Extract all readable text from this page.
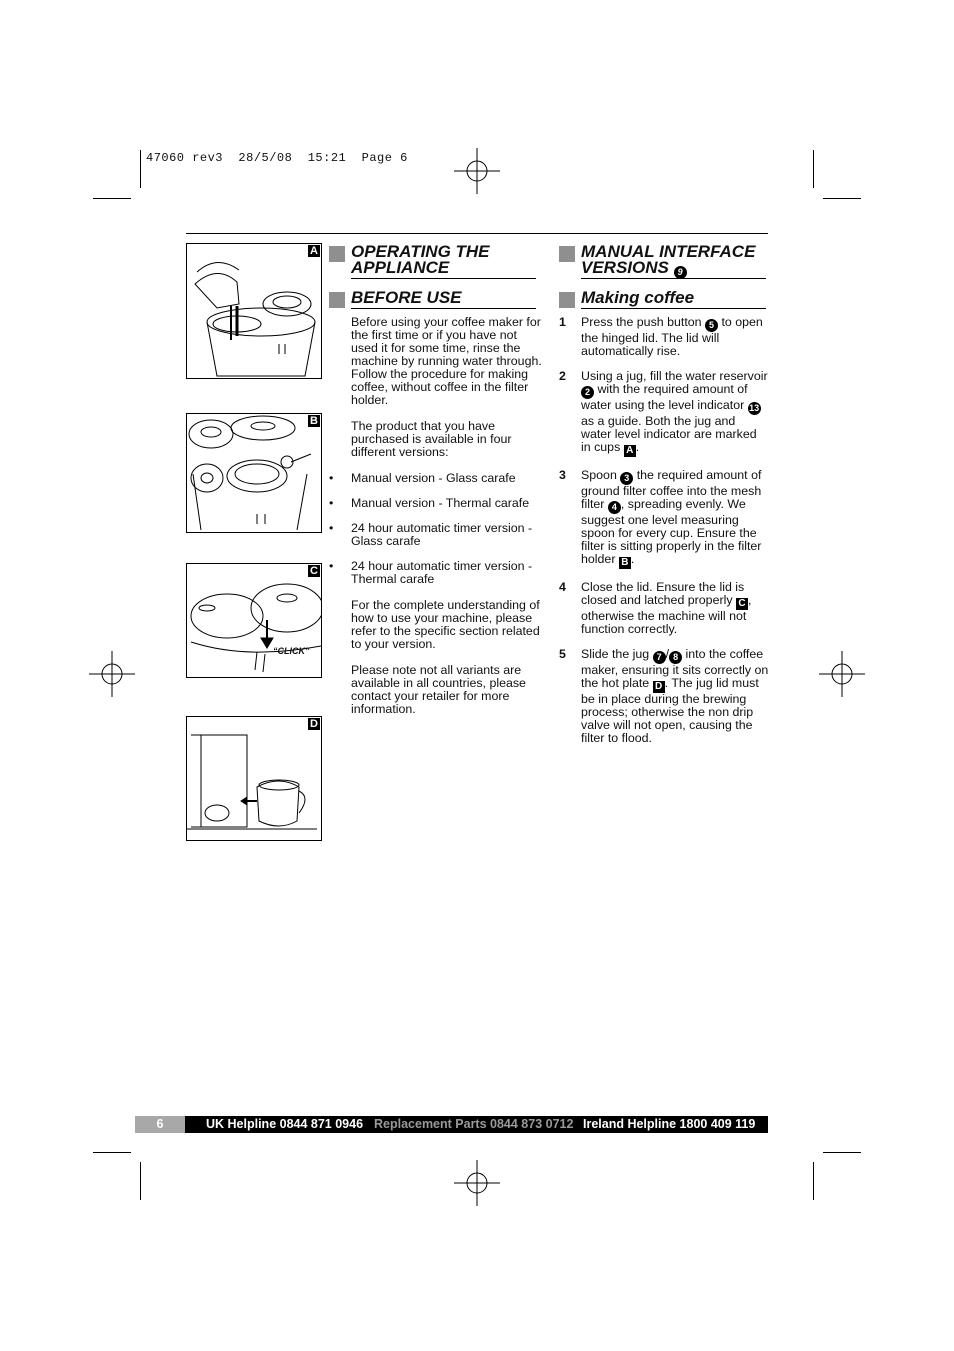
47060 rev3  28/5/08  15:21  Page 6
A
B
“CLICK”
C
D
OPERATING THE
APPLIANCE
BEFORE USE

Before using your coffee maker for the first time or if you have not used it for some time, rinse the machine by running water through. Follow the procedure for making coffee, without coffee in the filter holder.

The product that you have purchased is available in four different versions:

• Manual version - Glass carafe
• Manual version - Thermal carafe
• 24 hour automatic timer version - Glass carafe
• 24 hour automatic timer version - Thermal carafe

For the complete understanding of how to use your machine, please refer to the specific section related to your version.

Please note not all variants are available in all countries, please contact your retailer for more information.

MANUAL INTERFACE
VERSIONS 9
Making coffee
1 Press the push button 5 to open the hinged lid. The lid will automatically rise.
2 Using a jug, fill the water reservoir 2 with the required amount of water using the level indicator 13 as a guide. Both the jug and water level indicator are marked in cups A .
3 Spoon 3 the required amount of ground filter coffee into the mesh filter 4 , spreading evenly. We suggest one level measuring spoon for every cup. Ensure the filter is sitting properly in the filter holder B .
4 Close the lid. Ensure the lid is closed and latched properly C , otherwise the machine will not function correctly.
5 Slide the jug 7 / 8 into the coffee maker, ensuring it sits correctly on the hot plate D . The jug lid must be in place during the brewing process; otherwise the non drip valve will not open, causing the filter to flood.
6	UK Helpline 0844 871 0946 Replacement Parts 0844 873 0712 Ireland Helpline 1800 409 119
